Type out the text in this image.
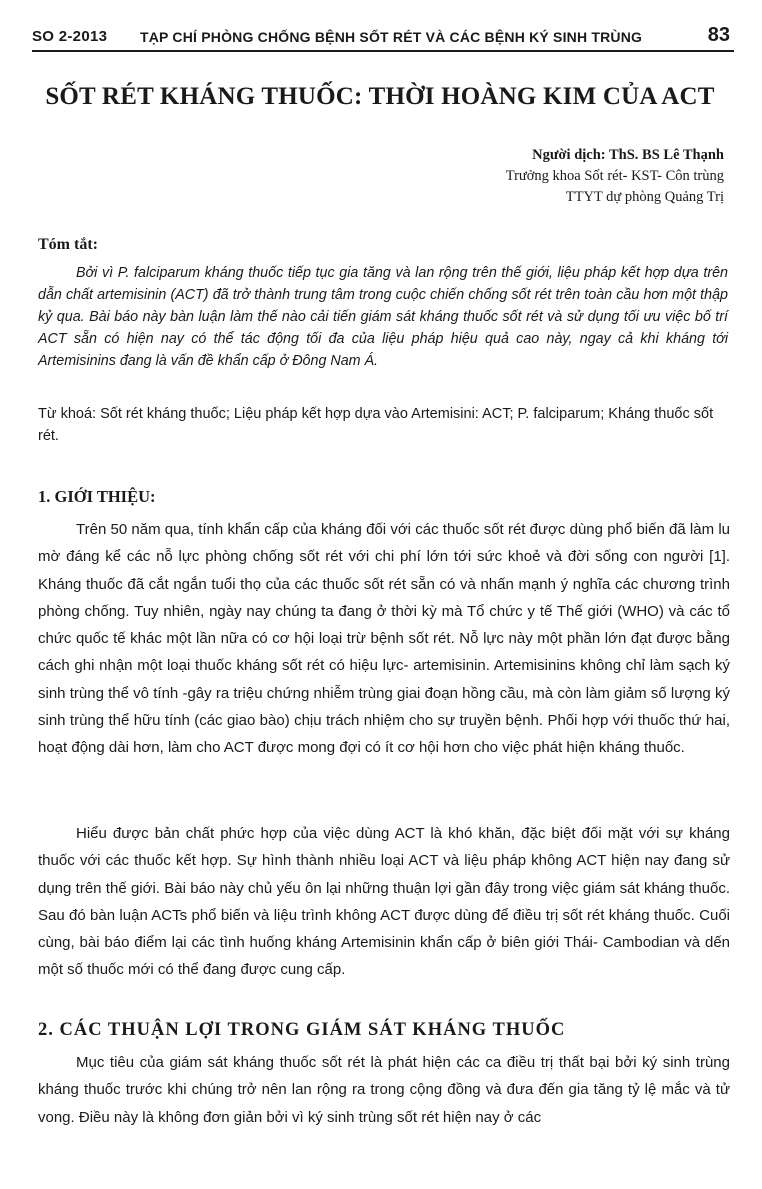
SO 2-2013 TẠP CHÍ PHÒNG CHỐNG BỆNH SỐT RÉT VÀ CÁC BỆNH KÝ SINH TRÙNG	83
SỐT RÉT KHÁNG THUỐC: THỜI HOÀNG KIM CỦA ACT
Người dịch: ThS. BS Lê Thạnh
Trưởng khoa Sốt rét- KST- Côn trùng
TTYT dự phòng Quảng Trị
Tóm tắt:

Bởi vì P. falciparum kháng thuốc tiếp tục gia tăng và lan rộng trên thế giới, liệu pháp kết hợp dựa trên dẫn chất artemisinin (ACT) đã trở thành trung tâm trong cuộc chiến chống sốt rét trên toàn cầu hơn một thập kỷ qua. Bài báo này bàn luận làm thế nào cải tiến giám sát kháng thuốc sốt rét và sử dụng tối ưu việc bố trí ACT sẵn có hiện nay có thể tác động tối đa của liệu pháp hiệu quả cao này, ngay cả khi kháng tới Artemisinins đang là vấn đề khẩn cấp ở Đông Nam Á.

Từ khoá: Sốt rét kháng thuốc; Liệu pháp kết hợp dựa vào Artemisini: ACT; P. falciparum; Kháng thuốc sốt rét.
1. GIỚI THIỆU:

Trên 50 năm qua, tính khẩn cấp của kháng đối với các thuốc sốt rét được dùng phổ biến đã làm lu mờ đáng kể các nỗ lực phòng chống sốt rét với chi phí lớn tới sức khoẻ và đời sống con người [1]. Kháng thuốc đã cắt ngắn tuổi thọ của các thuốc sốt rét sẵn có và nhấn mạnh ý nghĩa các chương trình phòng chống. Tuy nhiên, ngày nay chúng ta đang ở thời kỳ mà Tổ chức y tế Thế giới (WHO) và các tổ chức quốc tế khác một lần nữa có cơ hội loại trừ bệnh sốt rét. Nỗ lực này một phần lớn đạt được bằng cách ghi nhận một loại thuốc kháng sốt rét có hiệu lực- artemisinin. Artemisinins không chỉ làm sạch ký sinh trùng thể vô tính -gây ra triệu chứng nhiễm trùng giai đoạn hồng cầu, mà còn làm giảm số lượng ký sinh trùng thể hữu tính (các giao bào) chịu trách nhiệm cho sự truyền bệnh. Phối hợp với thuốc thứ hai, hoạt động dài hơn, làm cho ACT được mong đợi có ít cơ hội hơn cho việc phát hiện kháng thuốc.

Hiểu được bản chất phức hợp của việc dùng ACT là khó khăn, đặc biệt đối mặt với sự kháng thuốc với các thuốc kết hợp. Sự hình thành nhiều loại ACT và liệu pháp không ACT hiện nay đang sử dụng trên thế giới. Bài báo này chủ yếu ôn lại những thuận lợi gần đây trong việc giám sát kháng thuốc. Sau đó bàn luận ACTs phổ biến và liệu trình không ACT được dùng để điều trị sốt rét kháng thuốc. Cuối cùng, bài báo điểm lại các tình huống kháng Artemisinin khẩn cấp ở biên giới Thái- Cambodian và dến một số thuốc mới có thể đang được cung cấp.

2. CÁC THUẬN LỢI TRONG GIÁM SÁT KHÁNG THUỐC

Mục tiêu của giám sát kháng thuốc sốt rét là phát hiện các ca điều trị thất bại bởi ký sinh trùng kháng thuốc trước khi chúng trở nên lan rộng ra trong cộng đồng và đưa đến gia tăng tỷ lệ mắc và tử vong. Điều này là không đơn giản bởi vì ký sinh trùng sốt rét hiện nay ở các
